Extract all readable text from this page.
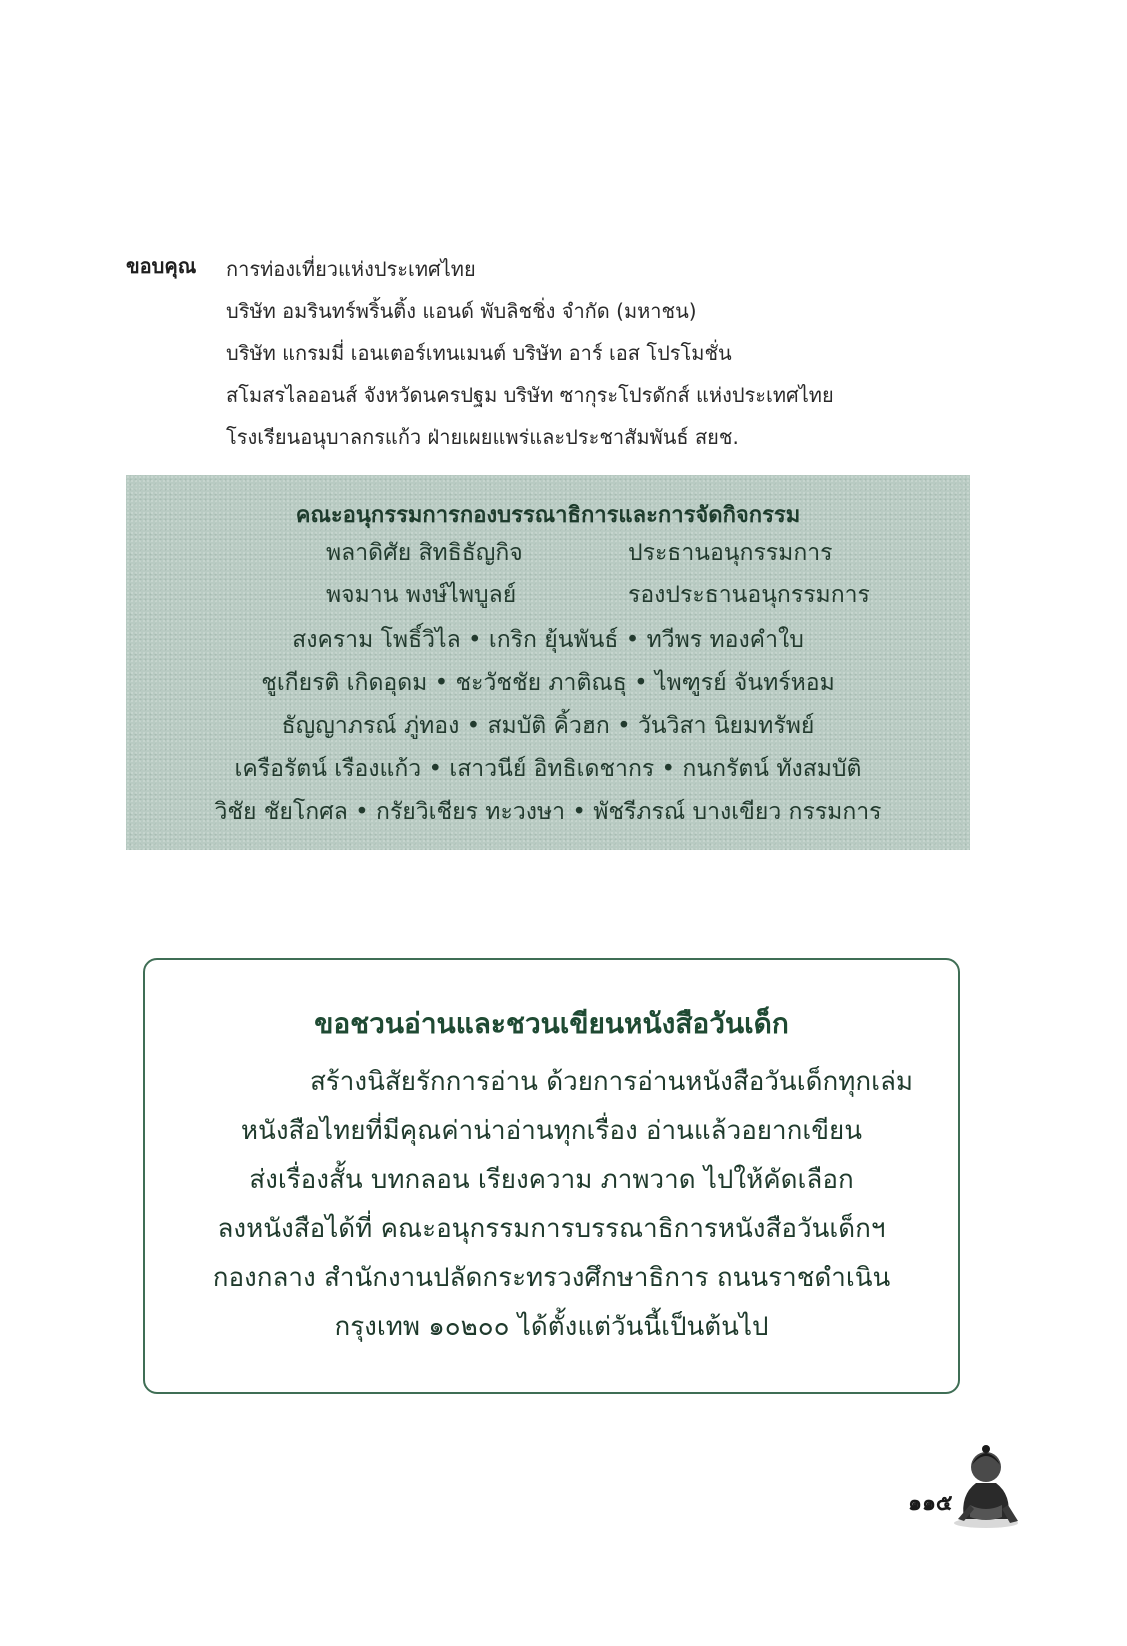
ขอบคุณ การท่องเที่ยวแห่งประเทศไทย
บริษัท อมรินทร์พริ้นติ้ง แอนด์ พับลิชชิ่ง จำกัด (มหาชน)
บริษัท แกรมมี่ เอนเตอร์เทนเมนต์ บริษัท อาร์ เอส โปรโมชั่น
สโมสรไลออนส์ จังหวัดนครปฐม บริษัท ซากุระโปรดักส์ แห่งประเทศไทย
โรงเรียนอนุบาลกรแก้ว ฝ่ายเผยแพร่และประชาสัมพันธ์ สยช.
คณะอนุกรรมการกองบรรณาธิการและการจัดกิจกรรม
พลาดิศัย สิทธิธัญกิจ	ประธานอนุกรรมการ
พจมาน พงษ์ไพบูลย์	รองประธานอนุกรรมการ
สงคราม โพธิ์วิไล • เกริก ยุ้นพันธ์ • ทวีพร ทองคำใบ
ชูเกียรติ เกิดอุดม • ชะวัชชัย ภาติณธุ • ไพฑูรย์ จันทร์หอม
ธัญญาภรณ์ ภู่ทอง • สมบัติ คิ้วฮก • วันวิสา นิยมทรัพย์
เครือรัตน์ เรืองแก้ว • เสาวนีย์ อิทธิเดชากร • กนกรัตน์ ทังสมบัติ
วิชัย ชัยโกศล • กรัยวิเชียร ทะวงษา • พัชรีภรณ์ บางเขียว กรรมการ
ขอชวนอ่านและชวนเขียนหนังสือวันเด็ก
สร้างนิสัยรักการอ่าน ด้วยการอ่านหนังสือวันเด็กทุกเล่ม
หนังสือไทยที่มีคุณค่าน่าอ่านทุกเรื่อง อ่านแล้วอยากเขียน
ส่งเรื่องสั้น บทกลอน เรียงความ ภาพวาด ไปให้คัดเลือก
ลงหนังสือได้ที่ คณะอนุกรรมการบรรณาธิการหนังสือวันเด็กฯ
กองกลาง สำนักงานปลัดกระทรวงศึกษาธิการ ถนนราชดำเนิน
กรุงเทพ ๑๐๒๐๐ ได้ตั้งแต่วันนี้เป็นต้นไป
๑๑๕
